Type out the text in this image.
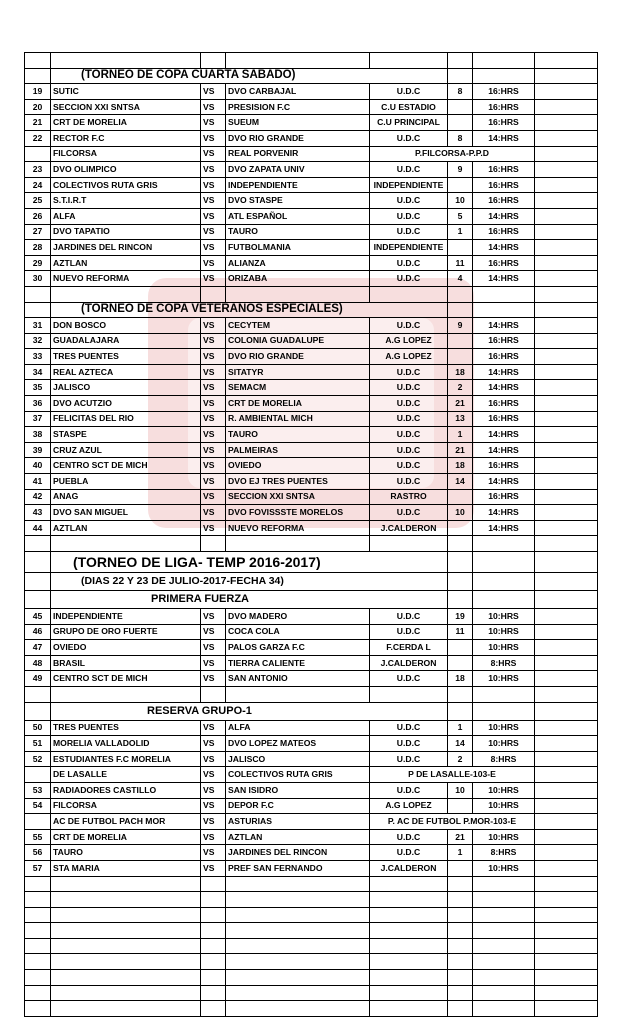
	(TORNEO DE COPA CUARTA SABADO)						
19	SUTIC	VS	DVO CARBAJAL	U.D.C	8	16:HRS	
20	SECCION XXI SNTSA	VS	PRESISION F.C	C.U ESTADIO		16:HRS	
21	CRT DE MORELIA	VS	SUEUM	C.U PRINCIPAL		16:HRS	
22	RECTOR F.C	VS	DVO RIO GRANDE	U.D.C	8	14:HRS	
	FILCORSA	VS	REAL PORVENIR	P.FILCORSA-P.P.D			
23	DVO OLIMPICO	VS	DVO ZAPATA UNIV	U.D.C	9	16:HRS	
24	COLECTIVOS RUTA GRIS	VS	INDEPENDIENTE	INDEPENDIENTE		16:HRS	
25	S.T.I.R.T	VS	DVO STASPE	U.D.C	10	16:HRS	
26	ALFA	VS	ATL ESPAÑOL	U.D.C	5	14:HRS	
27	DVO TAPATIO	VS	TAURO	U.D.C	1	16:HRS	
28	JARDINES DEL RINCON	VS	FUTBOLMANIA	INDEPENDIENTE		14:HRS	
29	AZTLAN	VS	ALIANZA	U.D.C	11	16:HRS	
30	NUEVO REFORMA	VS	ORIZABA	U.D.C	4	14:HRS	

	(TORNEO DE COPA VETERANOS ESPECIALES)						
31	DON BOSCO	VS	CECYTEM	U.D.C	9	14:HRS	
32	GUADALAJARA	VS	COLONIA GUADALUPE	A.G LOPEZ		16:HRS	
33	TRES PUENTES	VS	DVO RIO GRANDE	A.G LOPEZ		16:HRS	
34	REAL AZTECA	VS	SITATYR	U.D.C	18	14:HRS	
35	JALISCO	VS	SEMACM	U.D.C	2	14:HRS	
36	DVO ACUTZIO	VS	CRT DE MORELIA	U.D.C	21	16:HRS	
37	FELICITAS DEL RIO	VS	R. AMBIENTAL MICH	U.D.C	13	16:HRS	
38	STASPE	VS	TAURO	U.D.C	1	14:HRS	
39	CRUZ AZUL	VS	PALMEIRAS	U.D.C	21	14:HRS	
40	CENTRO SCT DE MICH	VS	OVIEDO	U.D.C	18	16:HRS	
41	PUEBLA	VS	DVO EJ TRES PUENTES	U.D.C	14	14:HRS	
42	ANAG	VS	SECCION XXI SNTSA	RASTRO		16:HRS	
43	DVO SAN MIGUEL	VS	DVO FOVISSSTE MORELOS	U.D.C	10	14:HRS	
44	AZTLAN	VS	NUEVO REFORMA	J.CALDERON		14:HRS	

	(TORNEO DE LIGA- TEMP 2016-2017)						
	(DIAS 22 Y 23 DE JULIO-2017-FECHA 34)						
	PRIMERA FUERZA						
45	INDEPENDIENTE	VS	DVO MADERO	U.D.C	19	10:HRS	
46	GRUPO DE ORO FUERTE	VS	COCA COLA	U.D.C	11	10:HRS	
47	OVIEDO	VS	PALOS GARZA F.C	F.CERDA L		10:HRS	
48	BRASIL	VS	TIERRA CALIENTE	J.CALDERON		8:HRS	
49	CENTRO SCT DE MICH	VS	SAN ANTONIO	U.D.C	18	10:HRS	

	RESERVA GRUPO-1						
50	TRES PUENTES	VS	ALFA	U.D.C	1	10:HRS	
51	MORELIA VALLADOLID	VS	DVO LOPEZ MATEOS	U.D.C	14	10:HRS	
52	ESTUDIANTES F.C MORELIA	VS	JALISCO	U.D.C	2	8:HRS	
	DE LASALLE	VS	COLECTIVOS RUTA GRIS	P DE LASALLE-103-E			
53	RADIADORES CASTILLO	VS	SAN ISIDRO	U.D.C	10	10:HRS	
54	FILCORSA	VS	DEPOR F.C	A.G LOPEZ		10:HRS	
	AC DE FUTBOL PACH MOR	VS	ASTURIAS	P. AC DE FUTBOL P.MOR-103-E			
55	CRT DE MORELIA	VS	AZTLAN	U.D.C	21	10:HRS	
56	TAURO	VS	JARDINES DEL RINCON	U.D.C	1	8:HRS	
57	STA MARIA	VS	PREF SAN FERNANDO	J.CALDERON		10:HRS	
